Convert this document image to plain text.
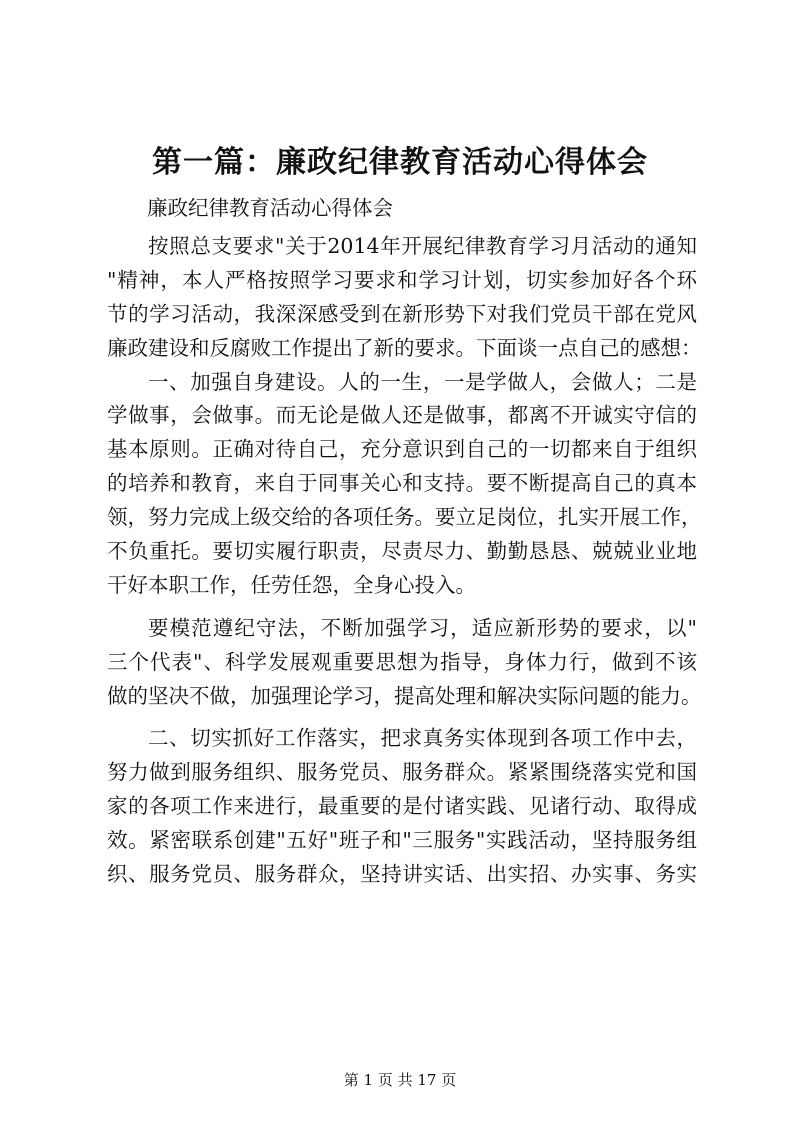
第一篇：廉政纪律教育活动心得体会
廉政纪律教育活动心得体会
按照总支要求"关于2014年开展纪律教育学习月活动的通知
"精神，本人严格按照学习要求和学习计划，切实参加好各个环
节的学习活动，我深深感受到在新形势下对我们党员干部在党风
廉政建设和反腐败工作提出了新的要求。下面谈一点自己的感想：
一、加强自身建设。人的一生，一是学做人，会做人；二是
学做事，会做事。而无论是做人还是做事，都离不开诚实守信的
基本原则。正确对待自己，充分意识到自己的一切都来自于组织
的培养和教育，来自于同事关心和支持。要不断提高自己的真本
领，努力完成上级交给的各项任务。要立足岗位，扎实开展工作，
不负重托。要切实履行职责，尽责尽力、勤勤恳恳、兢兢业业地
干好本职工作，任劳任怨，全身心投入。
要模范遵纪守法，不断加强学习，适应新形势的要求，以"
三个代表"、科学发展观重要思想为指导，身体力行，做到不该
做的坚决不做，加强理论学习，提高处理和解决实际问题的能力。
二、切实抓好工作落实，把求真务实体现到各项工作中去，
努力做到服务组织、服务党员、服务群众。紧紧围绕落实党和国
家的各项工作来进行，最重要的是付诸实践、见诸行动、取得成
效。紧密联系创建"五好"班子和"三服务"实践活动，坚持服务组
织、服务党员、服务群众，坚持讲实话、出实招、办实事、务实
第 1 页 共 17 页
